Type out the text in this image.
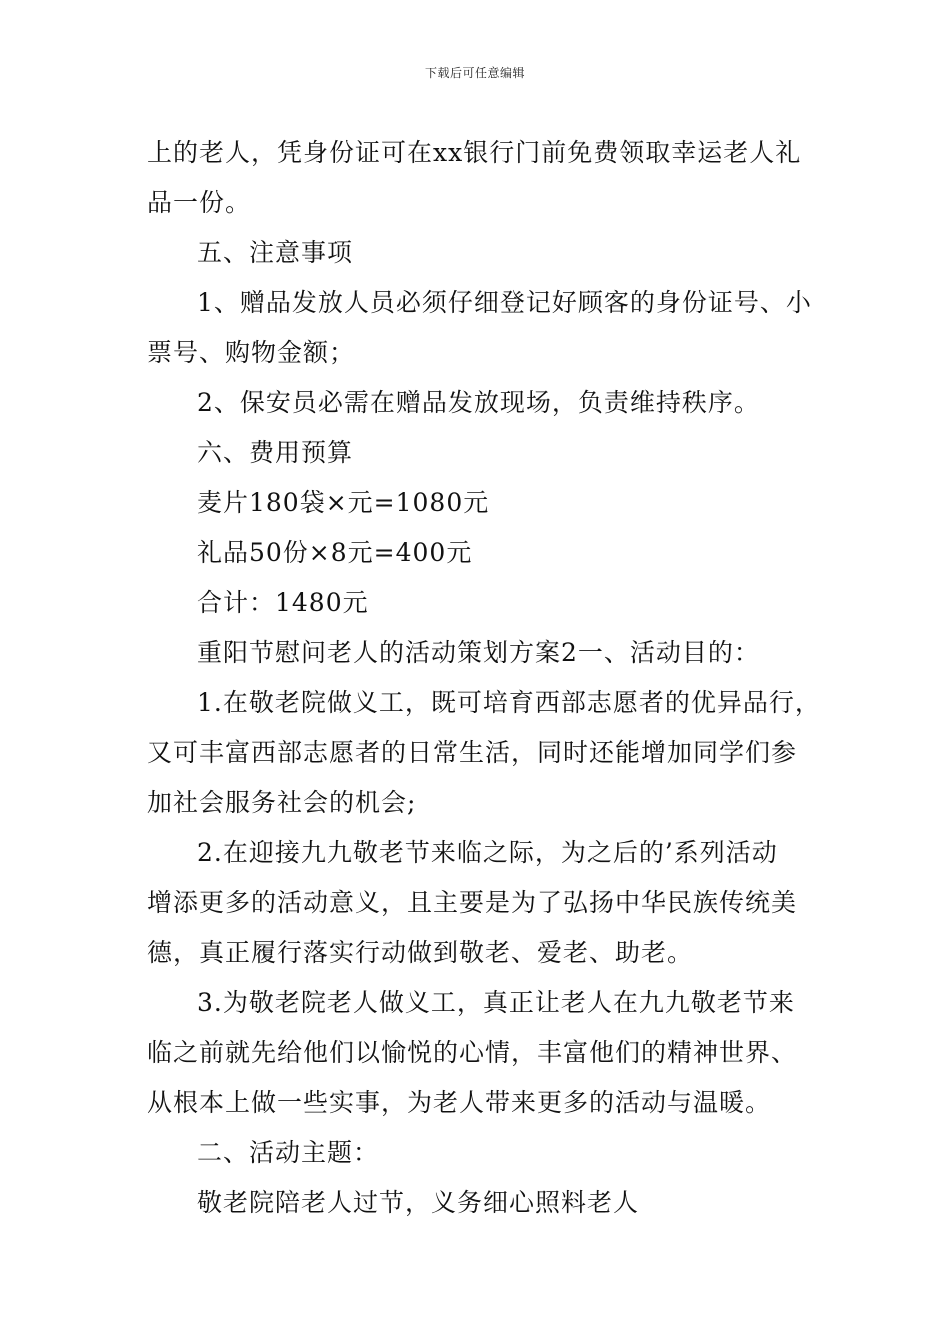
下载后可任意编辑

上的老人，凭身份证可在xx银行门前免费领取幸运老人礼
品一份。

五、注意事项

1、赠品发放人员必须仔细登记好顾客的身份证号、小
票号、购物金额；

2、保安员必需在赠品发放现场，负责维持秩序。

六、费用预算

麦片180袋×元=1080元

礼品50份×8元=400元

合计：1480元

重阳节慰问老人的活动策划方案2一、活动目的：

1.在敬老院做义工，既可培育西部志愿者的优异品行，
又可丰富西部志愿者的日常生活，同时还能增加同学们参
加社会服务社会的机会;

2.在迎接九九敬老节来临之际，为之后的’系列活动
增添更多的活动意义，且主要是为了弘扬中华民族传统美
德，真正履行落实行动做到敬老、爱老、助老。

3.为敬老院老人做义工，真正让老人在九九敬老节来
临之前就先给他们以愉悦的心情，丰富他们的精神世界、
从根本上做一些实事，为老人带来更多的活动与温暖。

二、活动主题：

敬老院陪老人过节，义务细心照料老人
